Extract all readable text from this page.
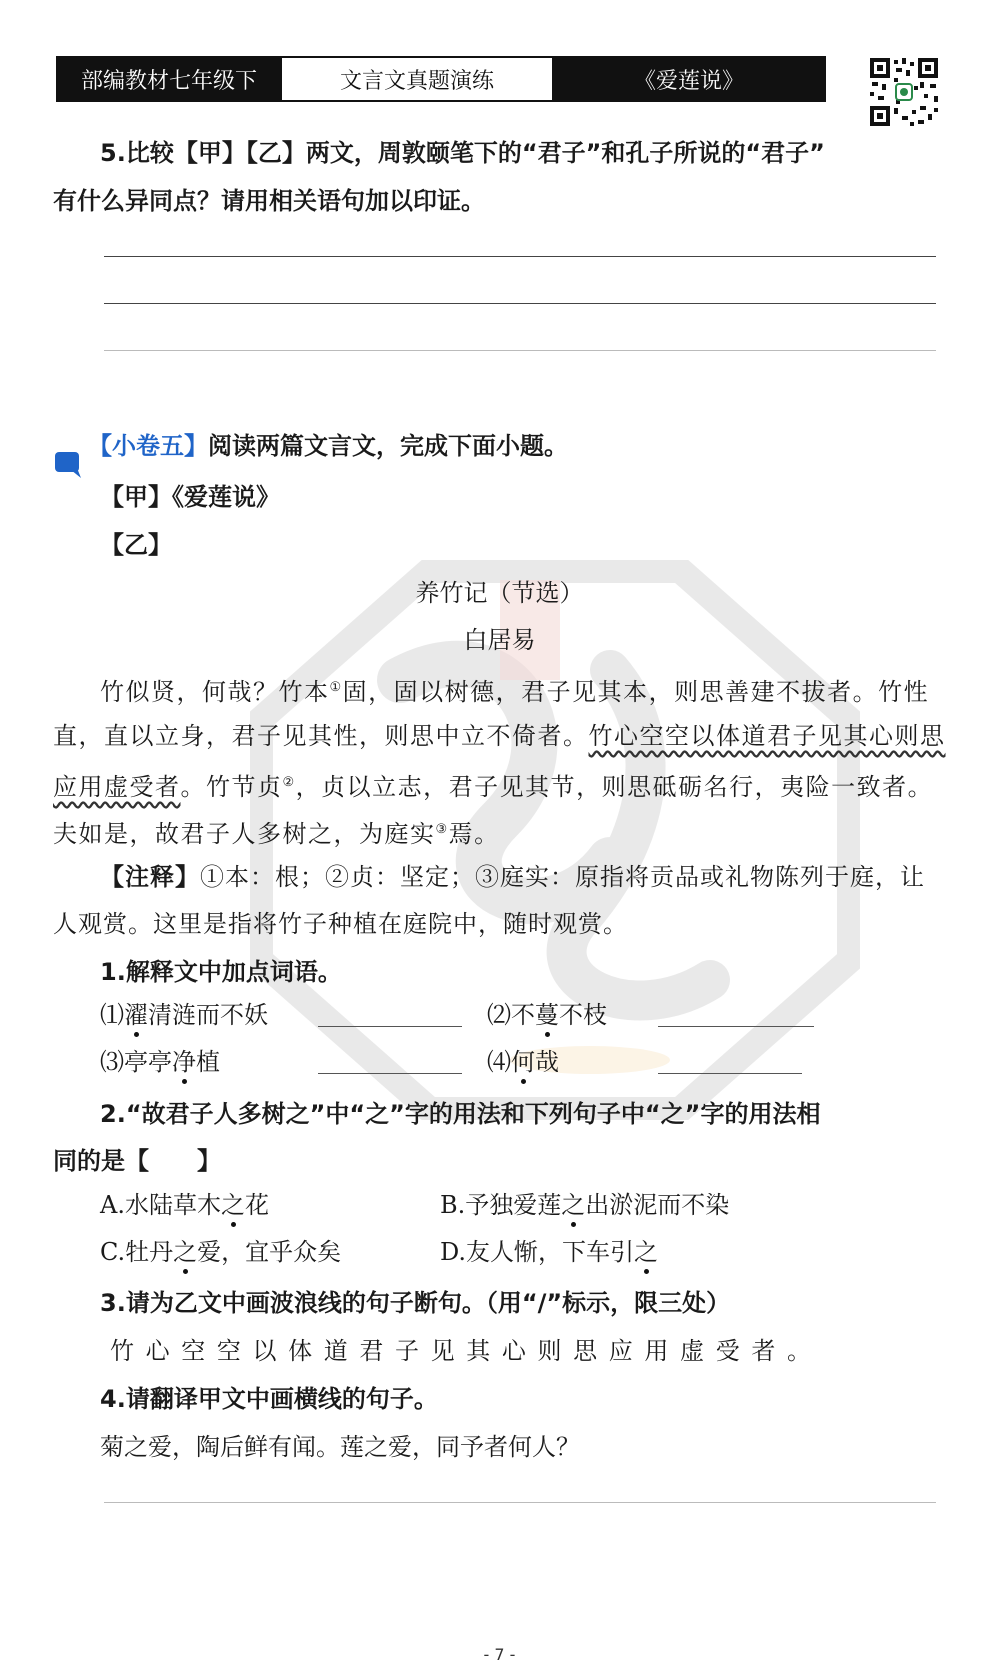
部编教材七年级下	文言文真题演练	《爱莲说》
5.比较【甲】【乙】两文，周敦颐笔下的“君子”和孔子所说的“君子”
有什么异同点？请用相关语句加以印证。
【小卷五】阅读两篇文言文，完成下面小题。
【甲】《爱莲说》
【乙】
养竹记（节选）
白居易
竹似贤，何哉？竹本①固，固以树德，君子见其本，则思善建不拔者。竹性
直，直以立身，君子见其性，则思中立不倚者。竹心空空以体道君子见其心则思
应用虚受者。竹节贞②，贞以立志，君子见其节，则思砥砺名行，夷险一致者。
夫如是，故君子人多树之，为庭实③焉。
【注释】①本：根；②贞：坚定；③庭实：原指将贡品或礼物陈列于庭，让
人观赏。这里是指将竹子种植在庭院中，随时观赏。
1.解释文中加点词语。
⑴濯清涟而不妖	⑵不蔓不枝
⑶亭亭净植	⑷何哉
2.“故君子人多树之”中“之”字的用法和下列句子中“之”字的用法相
同的是【　　】
A.水陆草木之花	B.予独爱莲之出淤泥而不染
C.牡丹之爱，宜乎众矣	D.友人惭，下车引之
3.请为乙文中画波浪线的句子断句。（用“/”标示，限三处）
竹 心 空 空 以 体 道 君 子 见 其 心 则 思 应 用 虚 受 者 。
4.请翻译甲文中画横线的句子。
菊之爱，陶后鲜有闻。莲之爱，同予者何人？
- 7 -
